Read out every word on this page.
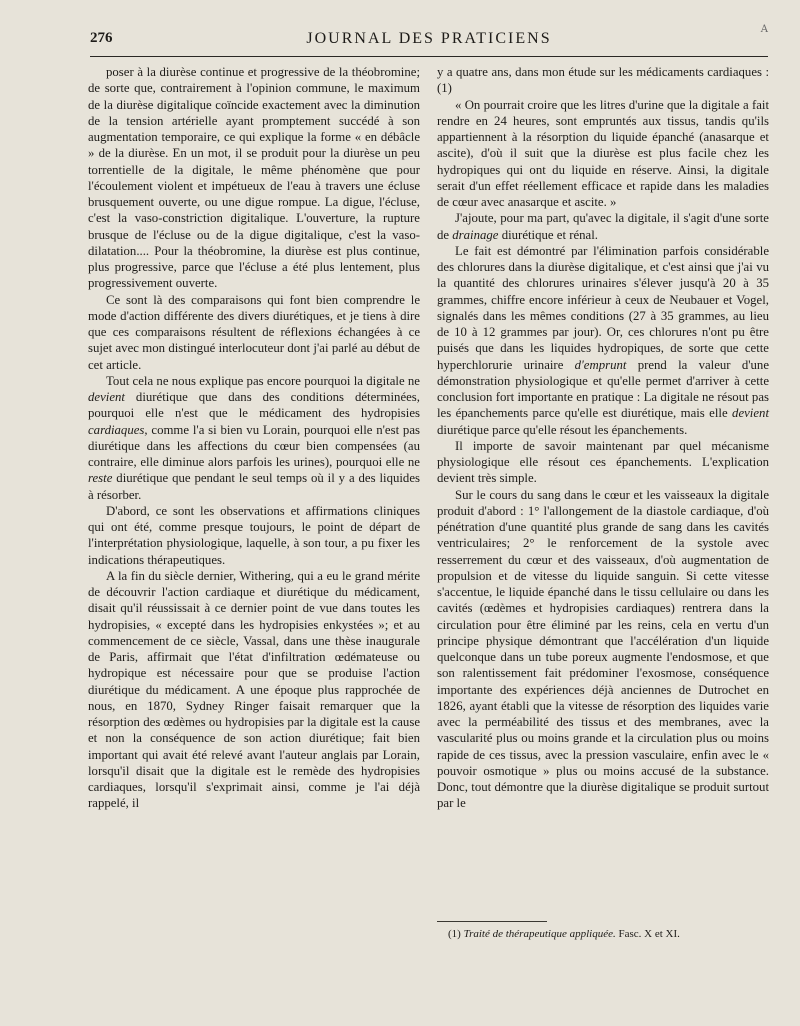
276	JOURNAL DES PRATICIENS
A

poser à la diurèse continue et progressive de la théobromine; de sorte que, contrairement à l'opinion commune, le maximum de la diurèse digitalique coïncide exactement avec la diminution de la tension artérielle ayant promptement succédé à son augmentation temporaire, ce qui explique la forme « en débâcle » de la diurèse. En un mot, il se produit pour la diurèse un peu torrentielle de la digitale, le même phénomène que pour l'écoulement violent et impétueux de l'eau à travers une écluse brusquement ouverte, ou une digue rompue. La digue, l'écluse, c'est la vaso-constriction digitalique. L'ouverture, la rupture brusque de l'écluse ou de la digue digitalique, c'est la vaso-dilatation.... Pour la théobromine, la diurèse est plus continue, plus progressive, parce que l'écluse a été plus lentement, plus progressivement ouverte.

Ce sont là des comparaisons qui font bien comprendre le mode d'action différente des divers diurétiques, et je tiens à dire que ces comparaisons résultent de réflexions échangées à ce sujet avec mon distingué interlocuteur dont j'ai parlé au début de cet article.

Tout cela ne nous explique pas encore pourquoi la digitale ne devient diurétique que dans des conditions déterminées, pourquoi elle n'est que le médicament des hydropisies cardiaques, comme l'a si bien vu Lorain, pourquoi elle n'est pas diurétique dans les affections du cœur bien compensées (au contraire, elle diminue alors parfois les urines), pourquoi elle ne reste diurétique que pendant le seul temps où il y a des liquides à résorber.

D'abord, ce sont les observations et affirmations cliniques qui ont été, comme presque toujours, le point de départ de l'interprétation physiologique, laquelle, à son tour, a pu fixer les indications thérapeutiques.

A la fin du siècle dernier, Withering, qui a eu le grand mérite de découvrir l'action cardiaque et diurétique du médicament, disait qu'il réussissait à ce dernier point de vue dans toutes les hydropisies, « excepté dans les hydropisies enkystées »; et au commencement de ce siècle, Vassal, dans une thèse inaugurale de Paris, affirmait que l'état d'infiltration œdémateuse ou hydropique est nécessaire pour que se produise l'action diurétique du médicament. A une époque plus rapprochée de nous, en 1870, Sydney Ringer faisait remarquer que la résorption des œdèmes ou hydropisies par la digitale est la cause et non la conséquence de son action diurétique; fait bien important qui avait été relevé avant l'auteur anglais par Lorain, lorsqu'il disait que la digitale est le remède des hydropisies cardiaques, lorsqu'il s'exprimait ainsi, comme je l'ai déjà rappelé, il

y a quatre ans, dans mon étude sur les médicaments cardiaques : (1)

« On pourrait croire que les litres d'urine que la digitale a fait rendre en 24 heures, sont empruntés aux tissus, tandis qu'ils appartiennent à la résorption du liquide épanché (anasarque et ascite), d'où il suit que la diurèse est plus facile chez les hydropiques qui ont du liquide en réserve. Ainsi, la digitale serait d'un effet réellement efficace et rapide dans les maladies de cœur avec anasarque et ascite. »

J'ajoute, pour ma part, qu'avec la digitale, il s'agit d'une sorte de drainage diurétique et rénal.

Le fait est démontré par l'élimination parfois considérable des chlorures dans la diurèse digitalique, et c'est ainsi que j'ai vu la quantité des chlorures urinaires s'élever jusqu'à 20 à 35 grammes, chiffre encore inférieur à ceux de Neubauer et Vogel, signalés dans les mêmes conditions (27 à 35 grammes, au lieu de 10 à 12 grammes par jour). Or, ces chlorures n'ont pu être puisés que dans les liquides hydropiques, de sorte que cette hyperchlorurie urinaire d'emprunt prend la valeur d'une démonstration physiologique et qu'elle permet d'arriver à cette conclusion fort importante en pratique : La digitale ne résout pas les épanchements parce qu'elle est diurétique, mais elle devient diurétique parce qu'elle résout les épanchements.

Il importe de savoir maintenant par quel mécanisme physiologique elle résout ces épanchements. L'explication devient très simple.

Sur le cours du sang dans le cœur et les vaisseaux la digitale produit d'abord : 1° l'allongement de la diastole cardiaque, d'où pénétration d'une quantité plus grande de sang dans les cavités ventriculaires; 2° le renforcement de la systole avec resserrement du cœur et des vaisseaux, d'où augmentation de propulsion et de vitesse du liquide sanguin. Si cette vitesse s'accentue, le liquide épanché dans le tissu cellulaire ou dans les cavités (œdèmes et hydropisies cardiaques) rentrera dans la circulation pour être éliminé par les reins, cela en vertu d'un principe physique démontrant que l'accélération d'un liquide quelconque dans un tube poreux augmente l'endosmose, et que son ralentissement fait prédominer l'exosmose, conséquence importante des expériences déjà anciennes de Dutrochet en 1826, ayant établi que la vitesse de résorption des liquides varie avec la perméabilité des tissus et des membranes, avec la vascularité plus ou moins grande et la circulation plus ou moins rapide de ces tissus, avec la pression vasculaire, enfin avec le « pouvoir osmotique » plus ou moins accusé de la substance. Donc, tout démontre que la diurèse digitalique se produit surtout par le

(1) Traité de thérapeutique appliquée. Fasc. X et XI.
